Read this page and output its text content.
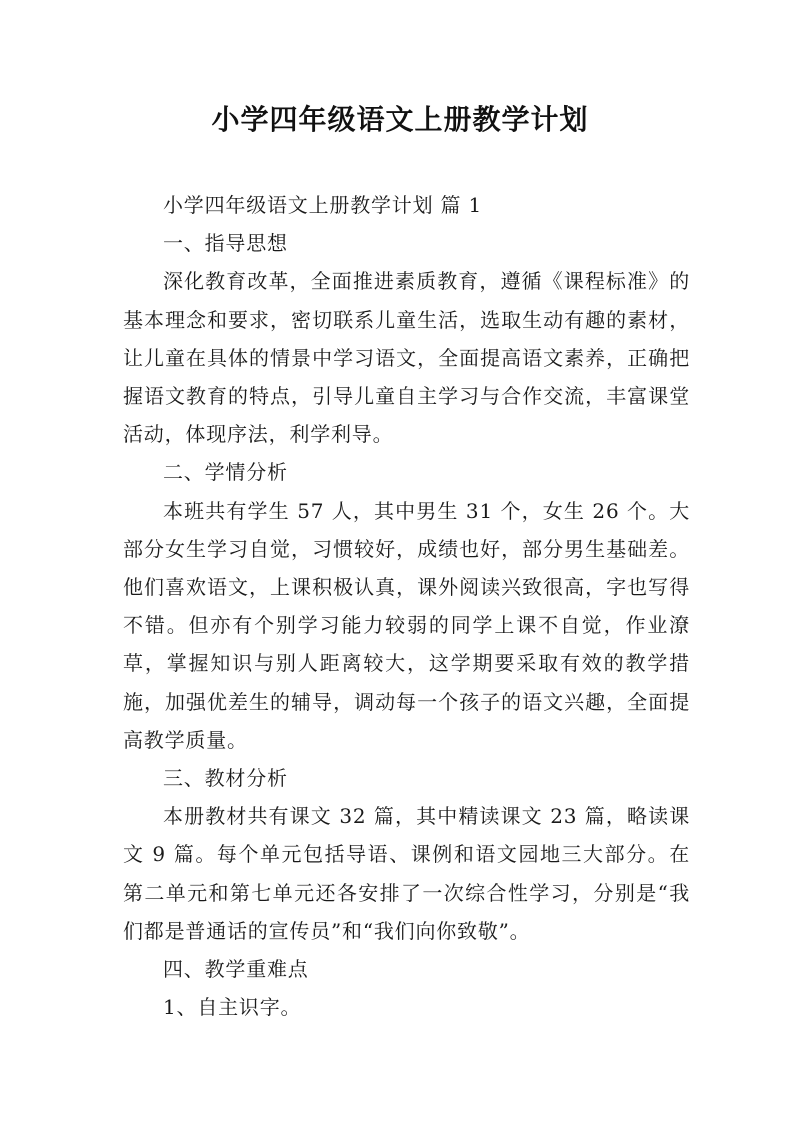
小学四年级语文上册教学计划

小学四年级语文上册教学计划 篇 1

一、指导思想

深化教育改革，全面推进素质教育，遵循《课程标准》的基本理念和要求，密切联系儿童生活，选取生动有趣的素材，让儿童在具体的情景中学习语文，全面提高语文素养，正确把握语文教育的特点，引导儿童自主学习与合作交流，丰富课堂活动，体现序法，利学利导。

二、学情分析

本班共有学生 57 人，其中男生 31 个，女生 26 个。大部分女生学习自觉，习惯较好，成绩也好，部分男生基础差。他们喜欢语文，上课积极认真，课外阅读兴致很高，字也写得不错。但亦有个别学习能力较弱的同学上课不自觉，作业潦草，掌握知识与别人距离较大，这学期要采取有效的教学措施，加强优差生的辅导，调动每一个孩子的语文兴趣，全面提高教学质量。

三、教材分析

本册教材共有课文 32 篇，其中精读课文 23 篇，略读课文 9 篇。每个单元包括导语、课例和语文园地三大部分。在第二单元和第七单元还各安排了一次综合性学习，分别是“我们都是普通话的宣传员”和“我们向你致敬”。

四、教学重难点

1、自主识字。
